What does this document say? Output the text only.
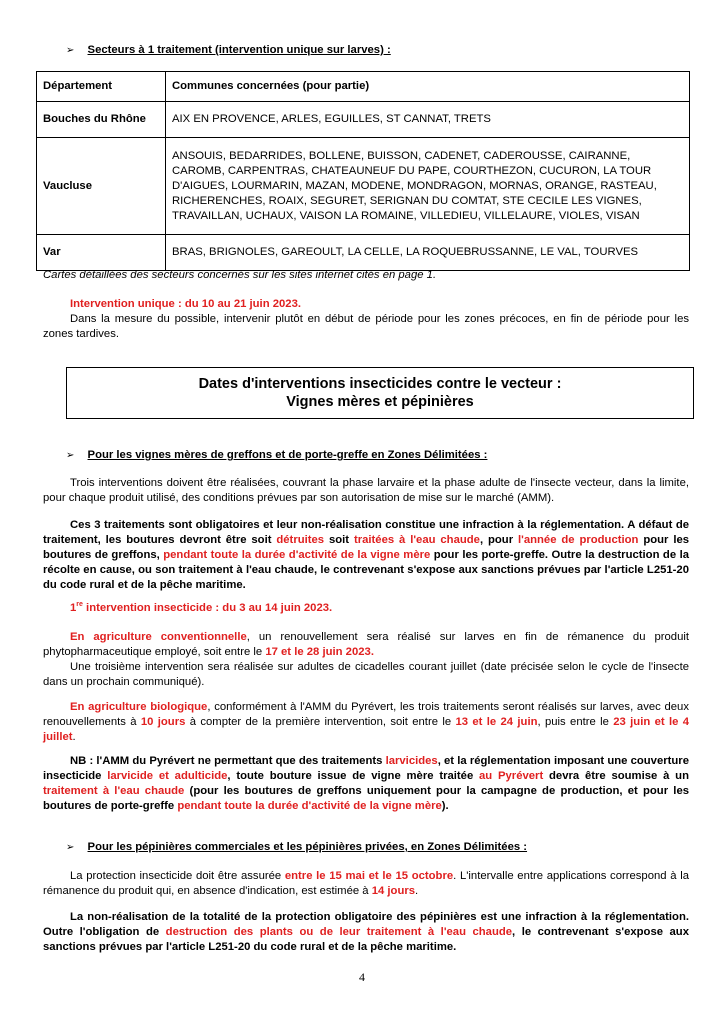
➢ Secteurs à 1 traitement (intervention unique sur larves) :
Département	Communes concernées (pour partie)
Bouches du Rhône	AIX EN PROVENCE, ARLES, EGUILLES, ST CANNAT, TRETS
Vaucluse	ANSOUIS, BEDARRIDES, BOLLENE, BUISSON, CADENET, CADEROUSSE, CAIRANNE, CAROMB, CARPENTRAS, CHATEAUNEUF DU PAPE, COURTHEZON, CUCURON, LA TOUR D'AIGUES, LOURMARIN, MAZAN, MODENE, MONDRAGON, MORNAS, ORANGE, RASTEAU, RICHERENCHES, ROAIX, SEGURET, SERIGNAN DU COMTAT, STE CECILE LES VIGNES, TRAVAILLAN, UCHAUX, VAISON LA ROMAINE, VILLEDIEU, VILLELAURE, VIOLES, VISAN
Var	BRAS, BRIGNOLES, GAREOULT, LA CELLE, LA ROQUEBRUSSANNE, LE VAL, TOURVES
Cartes détaillées des secteurs concernés sur les sites internet cités en page 1.
Intervention unique : du 10 au 21 juin 2023.
Dans la mesure du possible, intervenir plutôt en début de période pour les zones précoces, en fin de période pour les zones tardives.
Dates d'interventions insecticides contre le vecteur :
Vignes mères et pépinières
➢ Pour les vignes mères de greffons et de porte-greffe en Zones Délimitées :
Trois interventions doivent être réalisées, couvrant la phase larvaire et la phase adulte de l'insecte vecteur, dans la limite, pour chaque produit utilisé, des conditions prévues par son autorisation de mise sur le marché (AMM).
Ces 3 traitements sont obligatoires et leur non-réalisation constitue une infraction à la réglementation. A défaut de traitement, les boutures devront être soit détruites soit traitées à l'eau chaude, pour l'année de production pour les boutures de greffons, pendant toute la durée d'activité de la vigne mère pour les porte-greffe. Outre la destruction de la récolte en cause, ou son traitement à l'eau chaude, le contrevenant s'expose aux sanctions prévues par l'article L251-20 du code rural et de la pêche maritime.
1re intervention insecticide : du 3 au 14 juin 2023.
En agriculture conventionnelle, un renouvellement sera réalisé sur larves en fin de rémanence du produit phytopharmaceutique employé, soit entre le 17 et le 28 juin 2023.
Une troisième intervention sera réalisée sur adultes de cicadelles courant juillet (date précisée selon le cycle de l'insecte dans un prochain communiqué).
En agriculture biologique, conformément à l'AMM du Pyrévert, les trois traitements seront réalisés sur larves, avec deux renouvellements à 10 jours à compter de la première intervention, soit entre le 13 et le 24 juin, puis entre le 23 juin et le 4 juillet.
NB : l'AMM du Pyrévert ne permettant que des traitements larvicides, et la réglementation imposant une couverture insecticide larvicide et adulticide, toute bouture issue de vigne mère traitée au Pyrévert devra être soumise à un traitement à l'eau chaude (pour les boutures de greffons uniquement pour la campagne de production, et pour les boutures de porte-greffe pendant toute la durée d'activité de la vigne mère).
➢ Pour les pépinières commerciales et les pépinières privées, en Zones Délimitées :
La protection insecticide doit être assurée entre le 15 mai et le 15 octobre. L'intervalle entre applications correspond à la rémanence du produit qui, en absence d'indication, est estimée à 14 jours.
La non-réalisation de la totalité de la protection obligatoire des pépinières est une infraction à la réglementation. Outre l'obligation de destruction des plants ou de leur traitement à l'eau chaude, le contrevenant s'expose aux sanctions prévues par l'article L251-20 du code rural et de la pêche maritime.
4
